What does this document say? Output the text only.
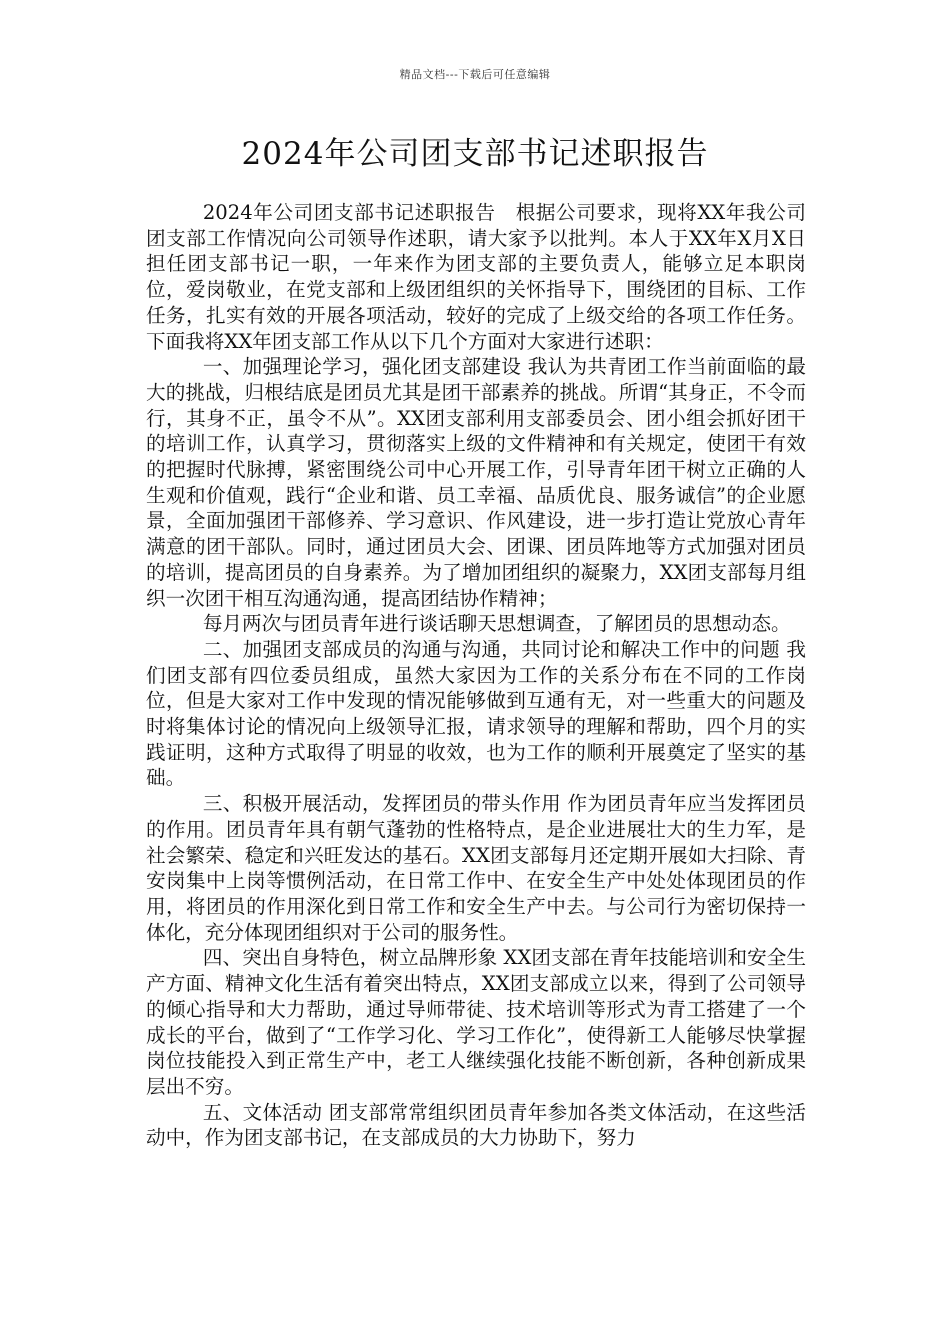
精品文档---下载后可任意编辑
2024年公司团支部书记述职报告

2024年公司团支部书记述职报告　根据公司要求，现将XX年我公司团支部工作情况向公司领导作述职，请大家予以批判。本人于XX年X月X日担任团支部书记一职，一年来作为团支部的主要负责人，能够立足本职岗位，爱岗敬业，在党支部和上级团组织的关怀指导下，围绕团的目标、工作任务，扎实有效的开展各项活动，较好的完成了上级交给的各项工作任务。下面我将XX年团支部工作从以下几个方面对大家进行述职：

一、加强理论学习，强化团支部建设 我认为共青团工作当前面临的最大的挑战，归根结底是团员尤其是团干部素养的挑战。所谓“其身正，不令而行，其身不正，虽令不从”。XX团支部利用支部委员会、团小组会抓好团干的培训工作，认真学习，贯彻落实上级的文件精神和有关规定，使团干有效的把握时代脉搏，紧密围绕公司中心开展工作，引导青年团干树立正确的人生观和价值观，践行“企业和谐、员工幸福、品质优良、服务诚信”的企业愿景，全面加强团干部修养、学习意识、作风建设，进一步打造让党放心青年满意的团干部队。同时，通过团员大会、团课、团员阵地等方式加强对团员的培训，提高团员的自身素养。为了增加团组织的凝聚力，XX团支部每月组织一次团干相互沟通沟通，提高团结协作精神；

每月两次与团员青年进行谈话聊天思想调查，了解团员的思想动态。

二、加强团支部成员的沟通与沟通，共同讨论和解决工作中的问题 我们团支部有四位委员组成，虽然大家因为工作的关系分布在不同的工作岗位，但是大家对工作中发现的情况能够做到互通有无，对一些重大的问题及时将集体讨论的情况向上级领导汇报，请求领导的理解和帮助，四个月的实践证明，这种方式取得了明显的收效，也为工作的顺利开展奠定了坚实的基础。

三、积极开展活动，发挥团员的带头作用 作为团员青年应当发挥团员的作用。团员青年具有朝气蓬勃的性格特点，是企业进展壮大的生力军，是社会繁荣、稳定和兴旺发达的基石。XX团支部每月还定期开展如大扫除、青安岗集中上岗等惯例活动，在日常工作中、在安全生产中处处体现团员的作用，将团员的作用深化到日常工作和安全生产中去。与公司行为密切保持一体化，充分体现团组织对于公司的服务性。

四、突出自身特色，树立品牌形象 XX团支部在青年技能培训和安全生产方面、精神文化生活有着突出特点，XX团支部成立以来，得到了公司领导的倾心指导和大力帮助，通过导师带徒、技术培训等形式为青工搭建了一个成长的平台，做到了“工作学习化、学习工作化”，使得新工人能够尽快掌握岗位技能投入到正常生产中，老工人继续强化技能不断创新，各种创新成果层出不穷。

五、文体活动 团支部常常组织团员青年参加各类文体活动，在这些活动中，作为团支部书记，在支部成员的大力协助下，努力
